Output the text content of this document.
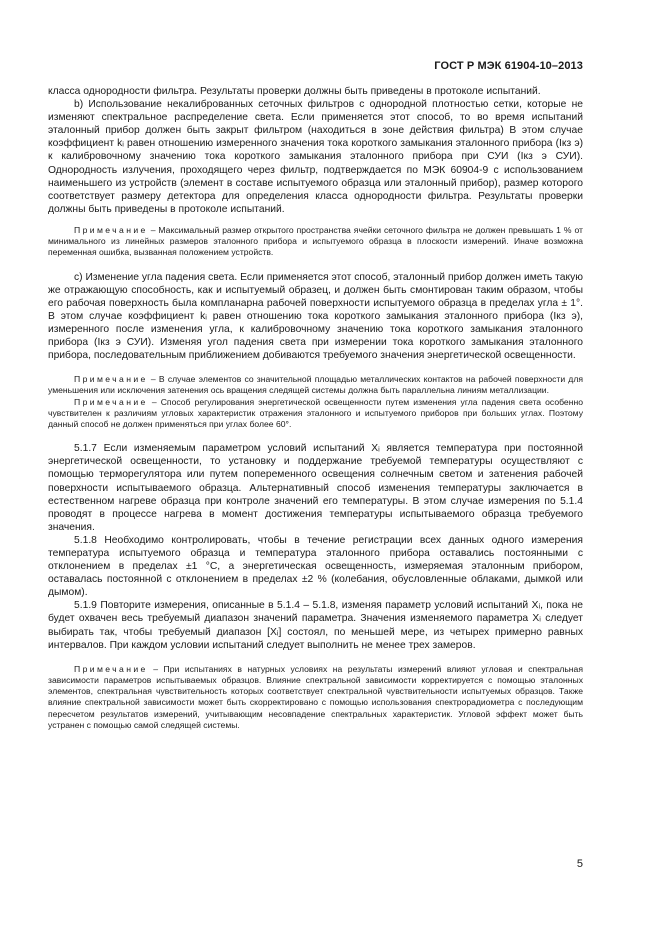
ГОСТ Р МЭК 61904-10–2013

класса однородности фильтра. Результаты проверки должны быть приведены в протоколе испытаний.

b) Использование некалиброванных сеточных фильтров с однородной плотностью сетки, которые не изменяют спектральное распределение света. Если применяется этот способ, то во время испытаний эталонный прибор должен быть закрыт фильтром (находиться в зоне действия фильтра) В этом случае коэффициент kᵢ равен отношению измеренного значения тока короткого замыкания эталонного прибора (Iкз э) к калибровочному значению тока короткого замыкания эталонного прибора при СУИ (Iкз э СУИ). Однородность излучения, проходящего через фильтр, подтверждается по МЭК 60904-9 с использованием наименьшего из устройств (элемент в составе испытуемого образца или эталонный прибор), размер которого соответствует размеру детектора для определения класса однородности фильтра. Результаты проверки должны быть приведены в протоколе испытаний.

Примечание – Максимальный размер открытого пространства ячейки сеточного фильтра не должен превышать 1 % от минимального из линейных размеров эталонного прибора и испытуемого образца в плоскости измерений. Иначе возможна переменная ошибка, вызванная положением устройств.

c) Изменение угла падения света. Если применяется этот способ, эталонный прибор должен иметь такую же отражающую способность, как и испытуемый образец, и должен быть смонтирован таким образом, чтобы его рабочая поверхность была компланарна рабочей поверхности испытуемого образца в пределах угла ± 1°. В этом случае коэффициент kᵢ равен отношению тока короткого замыкания эталонного прибора (Iкз э), измеренного после изменения угла, к калибровочному значению тока короткого замыкания эталонного прибора (Iкз э СУИ). Изменяя угол падения света при измерении тока короткого замыкания эталонного прибора, последовательным приближением добиваются требуемого значения энергетической освещенности.

Примечание – В случае элементов со значительной площадью металлических контактов на рабочей поверхности для уменьшения или исключения затенения ось вращения следящей системы должна быть параллельна линиям металлизации.

Примечание – Способ регулирования энергетической освещенности путем изменения угла падения света особенно чувствителен к различиям угловых характеристик отражения эталонного и испытуемого приборов при больших углах. Поэтому данный способ не должен применяться при углах более 60°.

5.1.7 Если изменяемым параметром условий испытаний Xᵢ является температура при постоянной энергетической освещенности, то установку и поддержание требуемой температуры осуществляют с помощью терморегулятора или путем попеременного освещения солнечным светом и затенения рабочей поверхности испытываемого образца. Альтернативный способ изменения температуры заключается в естественном нагреве образца при контроле значений его температуры. В этом случае измерения по 5.1.4 проводят в процессе нагрева в момент достижения температуры испытываемого образца требуемого значения.

5.1.8 Необходимо контролировать, чтобы в течение регистрации всех данных одного измерения температура испытуемого образца и температура эталонного прибора оставались постоянными с отклонением в пределах ±1 °С, а энергетическая освещенность, измеряемая эталонным прибором, оставалась постоянной с отклонением в пределах ±2 % (колебания, обусловленные облаками, дымкой или дымом).

5.1.9 Повторите измерения, описанные в 5.1.4 – 5.1.8, изменяя параметр условий испытаний Xᵢ, пока не будет охвачен весь требуемый диапазон значений параметра. Значения изменяемого параметра Xᵢ следует выбирать так, чтобы требуемый диапазон [Xᵢ] состоял, по меньшей мере, из четырех примерно равных интервалов. При каждом условии испытаний следует выполнить не менее трех замеров.

Примечание – При испытаниях в натурных условиях на результаты измерений влияют угловая и спектральная зависимости параметров испытываемых образцов. Влияние спектральной зависимости корректируется с помощью эталонных элементов, спектральная чувствительность которых соответствует спектральной чувствительности испытуемых образцов. Также влияние спектральной зависимости может быть скорректировано с помощью использования спектрорадиометра с последующим пересчетом результатов измерений, учитывающим несовпадение спектральных характеристик. Угловой эффект может быть устранен с помощью самой следящей системы.

5
